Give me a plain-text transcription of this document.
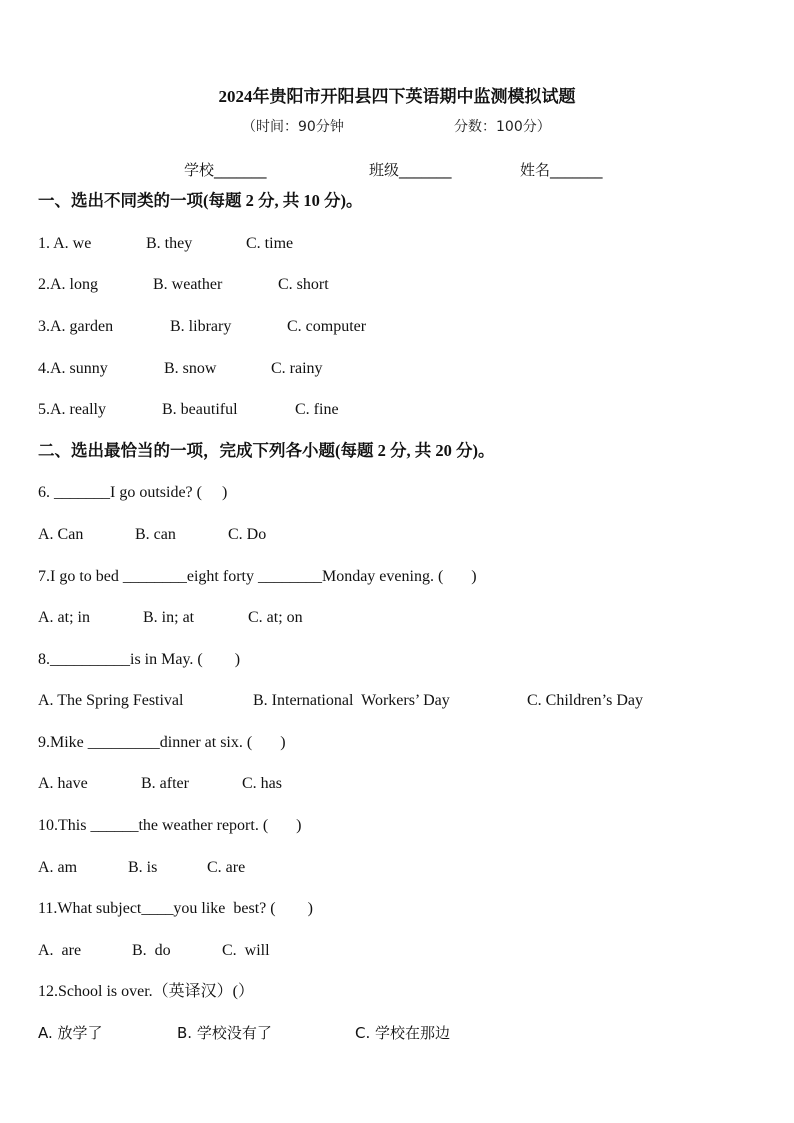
2024年贵阳市开阳县四下英语期中监测模拟试题
（时间：90分钟	分数：100分）
学校_______	班级_______	姓名_______
一、选出不同类的一项(每题 2 分, 共 10 分)。
1. A. we	B. they	C. time
2.A. long	B. weather	C. short
3.A. garden	B. library	C. computer
4.A. sunny	B. snow	C. rainy
5.A. really	B. beautiful	C. fine
二、选出最恰当的一项，完成下列各小题(每题 2 分, 共 20 分)。
6. _______I go outside? (     )
A. Can	B. can	C. Do
7.I go to bed ________eight forty ________Monday evening. (       )
A. at; in	B. in; at	C. at; on
8.__________is in May. (        )
A. The Spring Festival	B. International  Workers’ Day	C. Children’s Day
9.Mike _________dinner at six. (       )
A. have	B. after	C. has
10.This ______the weather report. (       )
A. am	B. is	C. are
11.What subject____you like  best? (        )
A.  are	B.  do	C.  will
12.School is over.（英译汉）(）
A. 放学了	B. 学校没有了	C. 学校在那边
